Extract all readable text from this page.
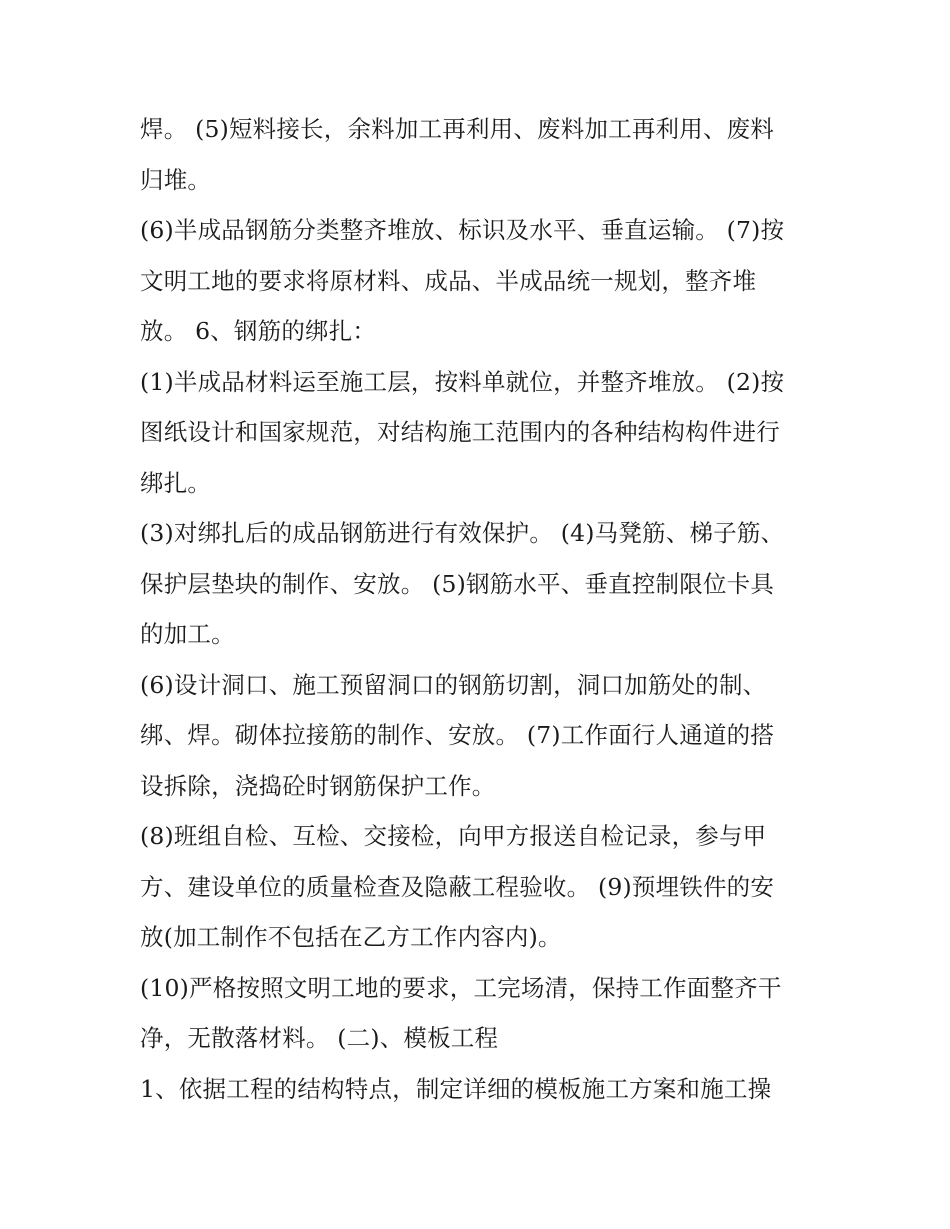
焊。 (5)短料接长，余料加工再利用、废料加工再利用、废料
归堆。
(6)半成品钢筋分类整齐堆放、标识及水平、垂直运输。 (7)按
文明工地的要求将原材料、成品、半成品统一规划，整齐堆
放。 6、钢筋的绑扎：
(1)半成品材料运至施工层，按料单就位，并整齐堆放。 (2)按
图纸设计和国家规范，对结构施工范围内的各种结构构件进行
绑扎。
(3)对绑扎后的成品钢筋进行有效保护。 (4)马凳筋、梯子筋、
保护层垫块的制作、安放。 (5)钢筋水平、垂直控制限位卡具
的加工。
(6)设计洞口、施工预留洞口的钢筋切割，洞口加筋处的制、
绑、焊。砌体拉接筋的制作、安放。 (7)工作面行人通道的搭
设拆除，浇捣砼时钢筋保护工作。
(8)班组自检、互检、交接检，向甲方报送自检记录，参与甲
方、建设单位的质量检查及隐蔽工程验收。 (9)预埋铁件的安
放(加工制作不包括在乙方工作内容内)。
(10)严格按照文明工地的要求，工完场清，保持工作面整齐干
净，无散落材料。 (二)、模板工程
1、依据工程的结构特点，制定详细的模板施工方案和施工操
